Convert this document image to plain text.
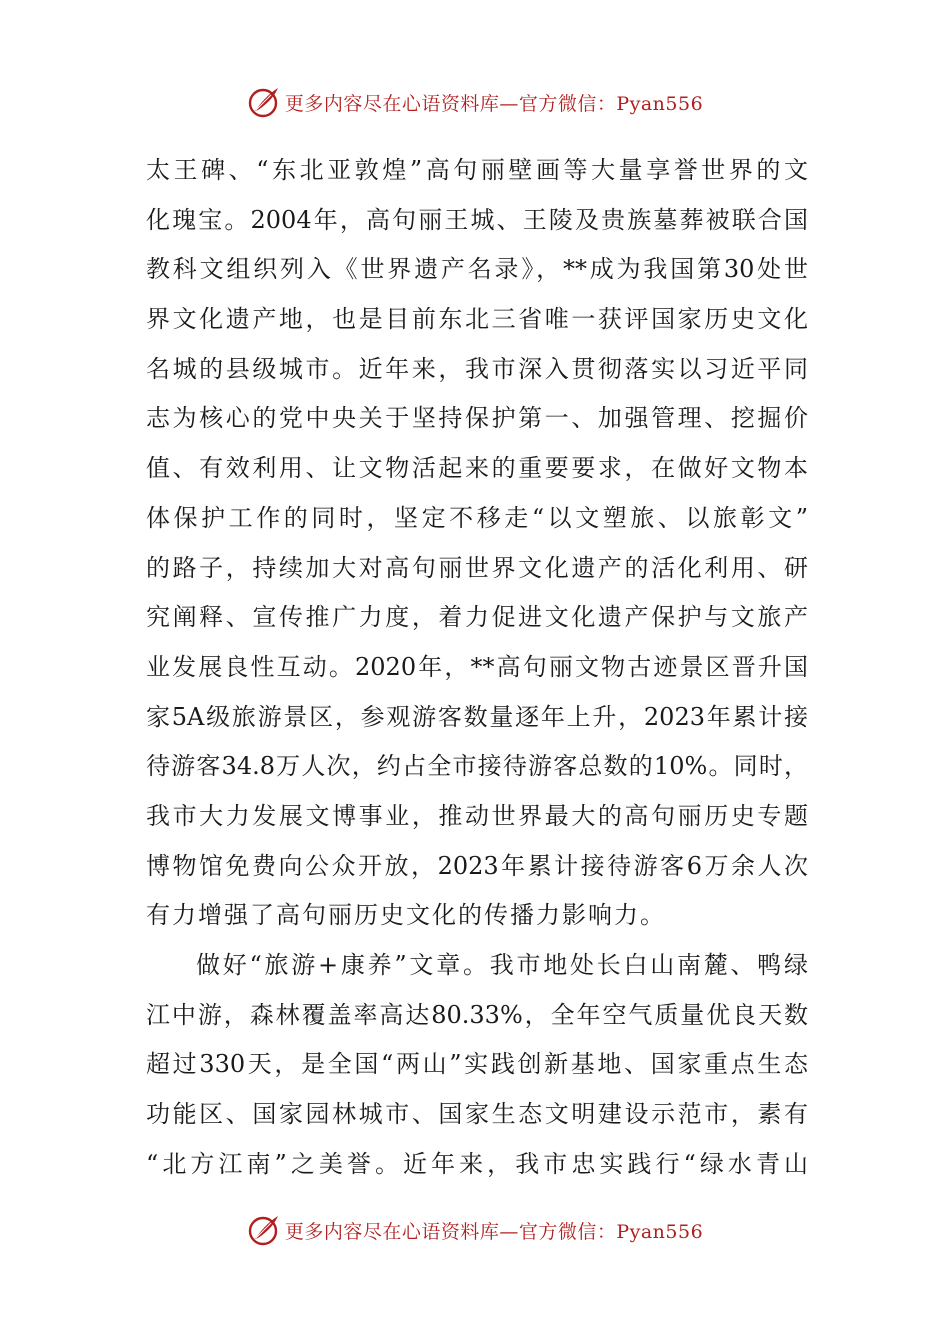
更多内容尽在心语资料库—官方微信：Pyan556
太王碑、“东北亚敦煌”高句丽壁画等大量享誉世界的文
化瑰宝。2004年，高句丽王城、王陵及贵族墓葬被联合国
教科文组织列入《世界遗产名录》，**成为我国第30处世
界文化遗产地，也是目前东北三省唯一获评国家历史文化
名城的县级城市。近年来，我市深入贯彻落实以习近平同
志为核心的党中央关于坚持保护第一、加强管理、挖掘价
值、有效利用、让文物活起来的重要要求，在做好文物本
体保护工作的同时，坚定不移走“以文塑旅、以旅彰文”
的路子，持续加大对高句丽世界文化遗产的活化利用、研
究阐释、宣传推广力度，着力促进文化遗产保护与文旅产
业发展良性互动。2020年，**高句丽文物古迹景区晋升国
家5A级旅游景区，参观游客数量逐年上升，2023年累计接
待游客34.8万人次，约占全市接待游客总数的10%。同时，
我市大力发展文博事业，推动世界最大的高句丽历史专题
博物馆免费向公众开放，2023年累计接待游客6万余人次
有力增强了高句丽历史文化的传播力影响力。
做好“旅游+康养”文章。我市地处长白山南麓、鸭绿
江中游，森林覆盖率高达80.33%，全年空气质量优良天数
超过330天，是全国“两山”实践创新基地、国家重点生态
功能区、国家园林城市、国家生态文明建设示范市，素有
“北方江南”之美誉。近年来，我市忠实践行“绿水青山
更多内容尽在心语资料库—官方微信：Pyan556
